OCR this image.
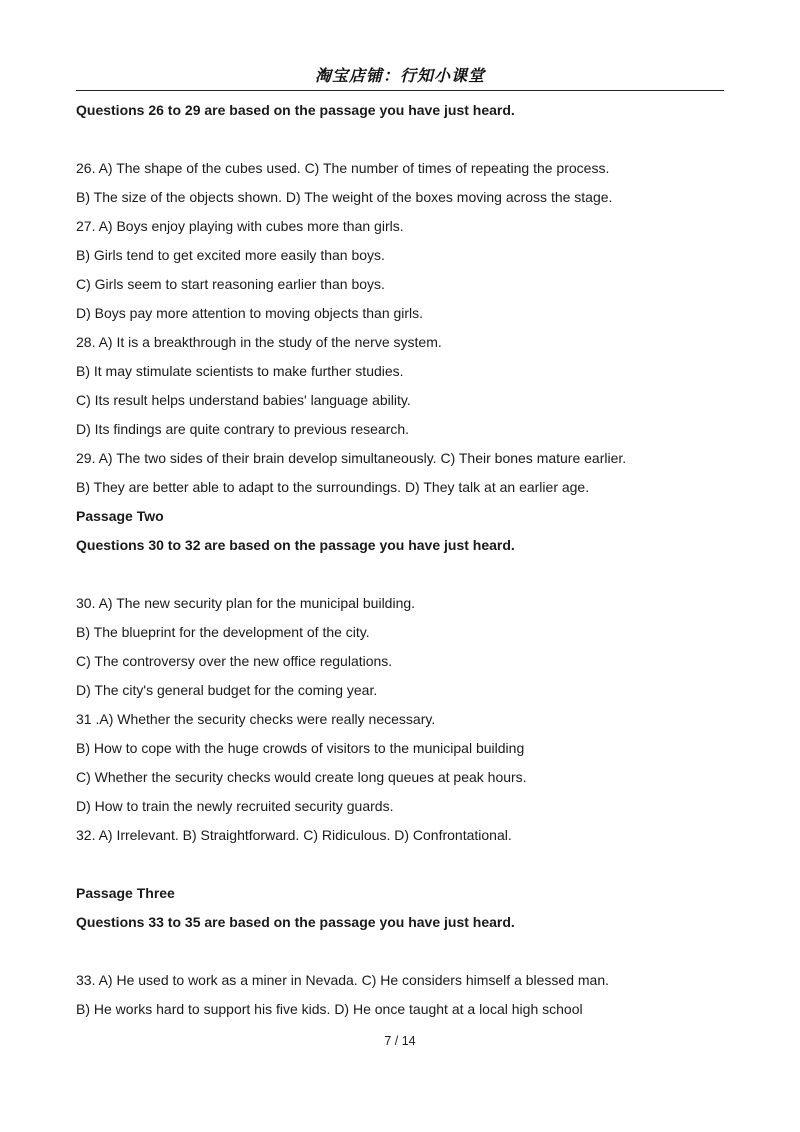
淘宝店铺：行知小课堂
Questions 26 to 29 are based on the passage you have just heard.
26. A) The shape of the cubes used. C) The number of times of repeating the process.
B) The size of the objects shown. D) The weight of the boxes moving across the stage.
27. A) Boys enjoy playing with cubes more than girls.
B) Girls tend to get excited more easily than boys.
C) Girls seem to start reasoning earlier than boys.
D) Boys pay more attention to moving objects than girls.
28. A) It is a breakthrough in the study of the nerve system.
B) It may stimulate scientists to make further studies.
C) Its result helps understand babies' language ability.
D) Its findings are quite contrary to previous research.
29. A) The two sides of their brain develop simultaneously. C) Their bones mature earlier.
B) They are better able to adapt to the surroundings. D) They talk at an earlier age.
Passage Two
Questions 30 to 32 are based on the passage you have just heard.
30. A) The new security plan for the municipal building.
B) The blueprint for the development of the city.
C) The controversy over the new office regulations.
D) The city's general budget for the coming year.
31 .A) Whether the security checks were really necessary.
B) How to cope with the huge crowds of visitors to the municipal building
C) Whether the security checks would create long queues at peak hours.
D) How to train the newly recruited security guards.
32. A) Irrelevant. B) Straightforward. C) Ridiculous. D) Confrontational.
Passage Three
Questions 33 to 35 are based on the passage you have just heard.
33. A) He used to work as a miner in Nevada. C) He considers himself a blessed man.
B) He works hard to support his five kids. D) He once taught at a local high school
7 / 14
